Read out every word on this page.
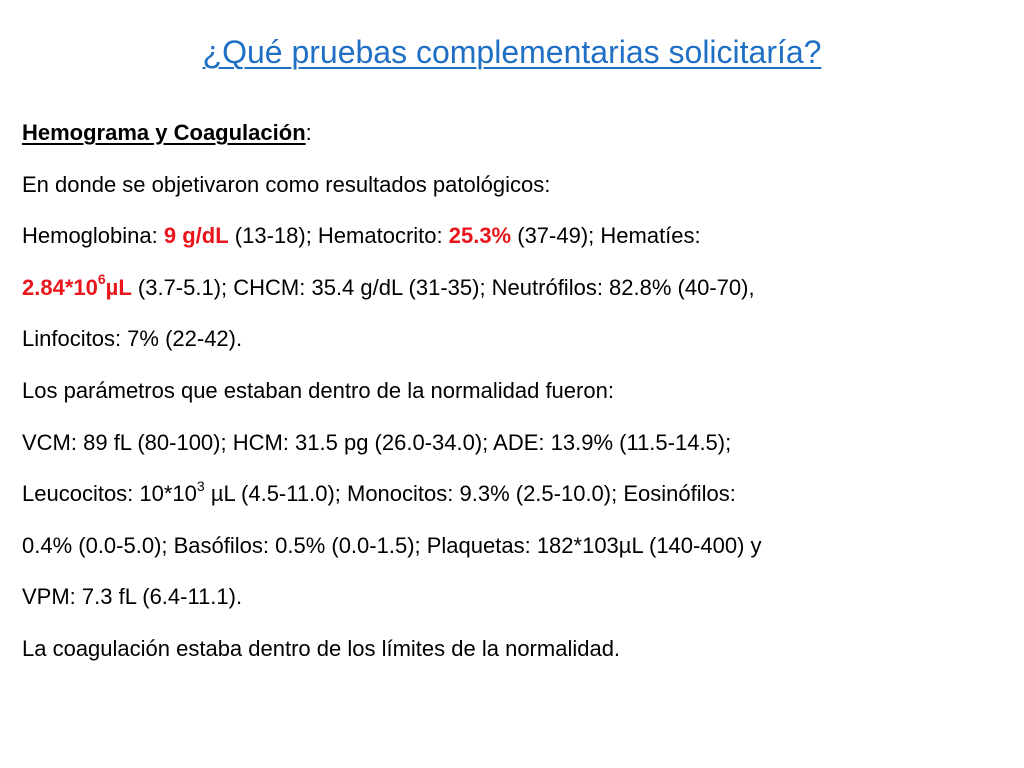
¿Qué pruebas complementarias solicitaría?
Hemograma y Coagulación:
En donde se objetivaron como resultados patológicos:
Hemoglobina: 9 g/dL (13-18); Hematocrito: 25.3% (37-49); Hematíes:
$2.84*10^6\mu L$ (3.7-5.1); CHCM: 35.4 g/dL (31-35); Neutrófilos: 82.8% (40-70),
Linfocitos: 7% (22-42).
Los parámetros que estaban dentro de la normalidad fueron:
VCM: 89 fL (80-100); HCM: 31.5 pg (26.0-34.0); ADE: 13.9% (11.5-14.5);
Leucocitos: $10*10^3$ µL (4.5-11.0); Monocitos: 9.3% (2.5-10.0); Eosinófilos:
0.4% (0.0-5.0); Basófilos: 0.5% (0.0-1.5); Plaquetas: 182*103µL (140-400) y
VPM: 7.3 fL (6.4-11.1).
La coagulación estaba dentro de los límites de la normalidad.
